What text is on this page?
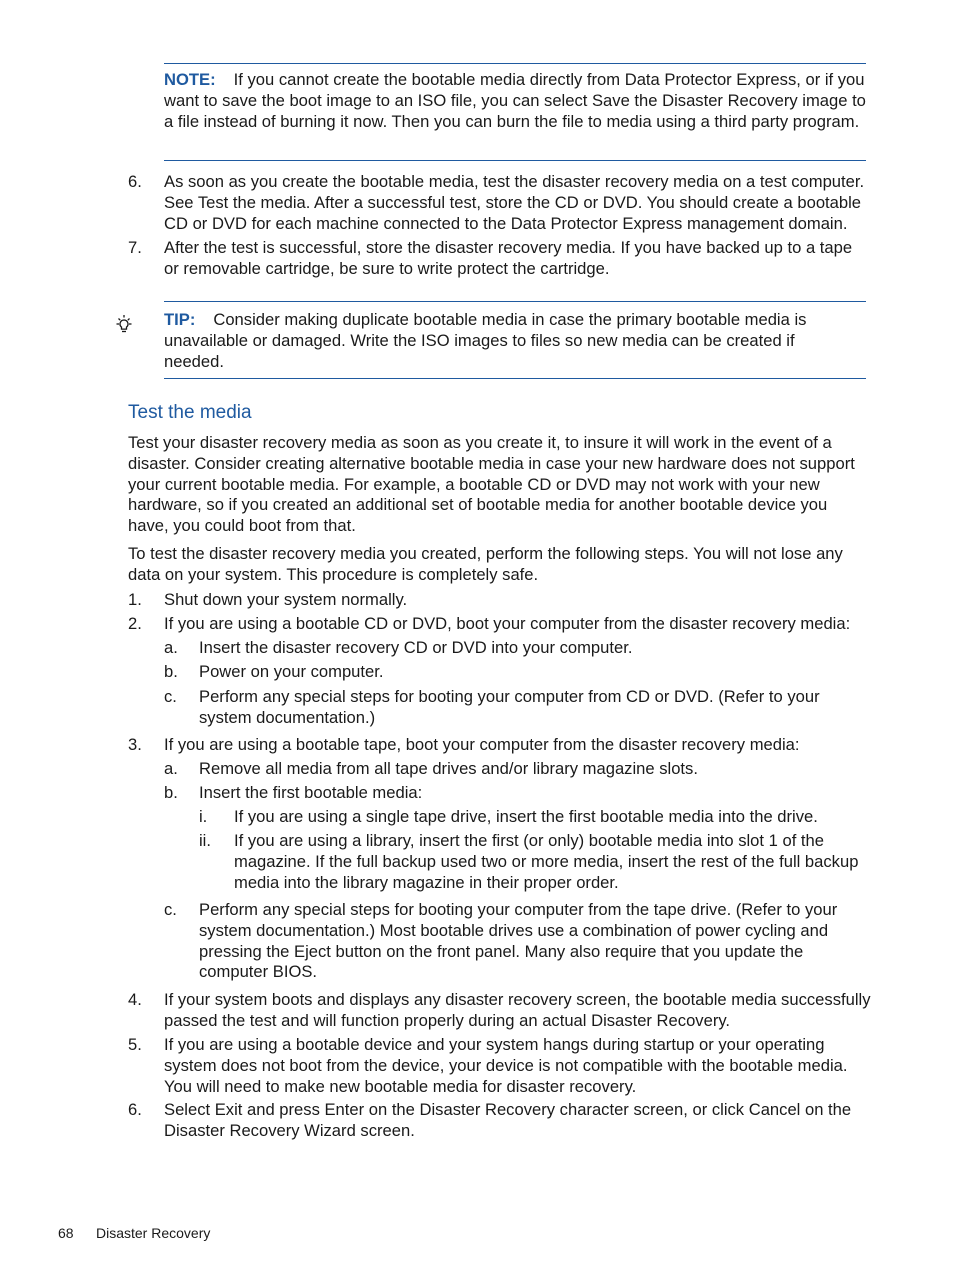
NOTE: If you cannot create the bootable media directly from Data Protector Express, or if you want to save the boot image to an ISO file, you can select Save the Disaster Recovery image to a file instead of burning it now. Then you can burn the file to media using a third party program.
6.	As soon as you create the bootable media, test the disaster recovery media on a test computer. See Test the media. After a successful test, store the CD or DVD. You should create a bootable CD or DVD for each machine connected to the Data Protector Express management domain.
7.	After the test is successful, store the disaster recovery media. If you have backed up to a tape or removable cartridge, be sure to write protect the cartridge.
TIP: Consider making duplicate bootable media in case the primary bootable media is unavailable or damaged. Write the ISO images to files so new media can be created if needed.
Test the media
Test your disaster recovery media as soon as you create it, to insure it will work in the event of a disaster. Consider creating alternative bootable media in case your new hardware does not support your current bootable media. For example, a bootable CD or DVD may not work with your new hardware, so if you created an additional set of bootable media for another bootable device you have, you could boot from that.
To test the disaster recovery media you created, perform the following steps. You will not lose any data on your system. This procedure is completely safe.
1.	Shut down your system normally.
2.	If you are using a bootable CD or DVD, boot your computer from the disaster recovery media:
a.	Insert the disaster recovery CD or DVD into your computer.
b.	Power on your computer.
c.	Perform any special steps for booting your computer from CD or DVD. (Refer to your system documentation.)
3.	If you are using a bootable tape, boot your computer from the disaster recovery media:
a.	Remove all media from all tape drives and/or library magazine slots.
b.	Insert the first bootable media:
i.	If you are using a single tape drive, insert the first bootable media into the drive.
ii.	If you are using a library, insert the first (or only) bootable media into slot 1 of the magazine. If the full backup used two or more media, insert the rest of the full backup media into the library magazine in their proper order.
c.	Perform any special steps for booting your computer from the tape drive. (Refer to your system documentation.) Most bootable drives use a combination of power cycling and pressing the Eject button on the front panel. Many also require that you update the computer BIOS.
4.	If your system boots and displays any disaster recovery screen, the bootable media successfully passed the test and will function properly during an actual Disaster Recovery.
5.	If you are using a bootable device and your system hangs during startup or your operating system does not boot from the device, your device is not compatible with the bootable media. You will need to make new bootable media for disaster recovery.
6.	Select Exit and press Enter on the Disaster Recovery character screen, or click Cancel on the Disaster Recovery Wizard screen.
68 Disaster Recovery
